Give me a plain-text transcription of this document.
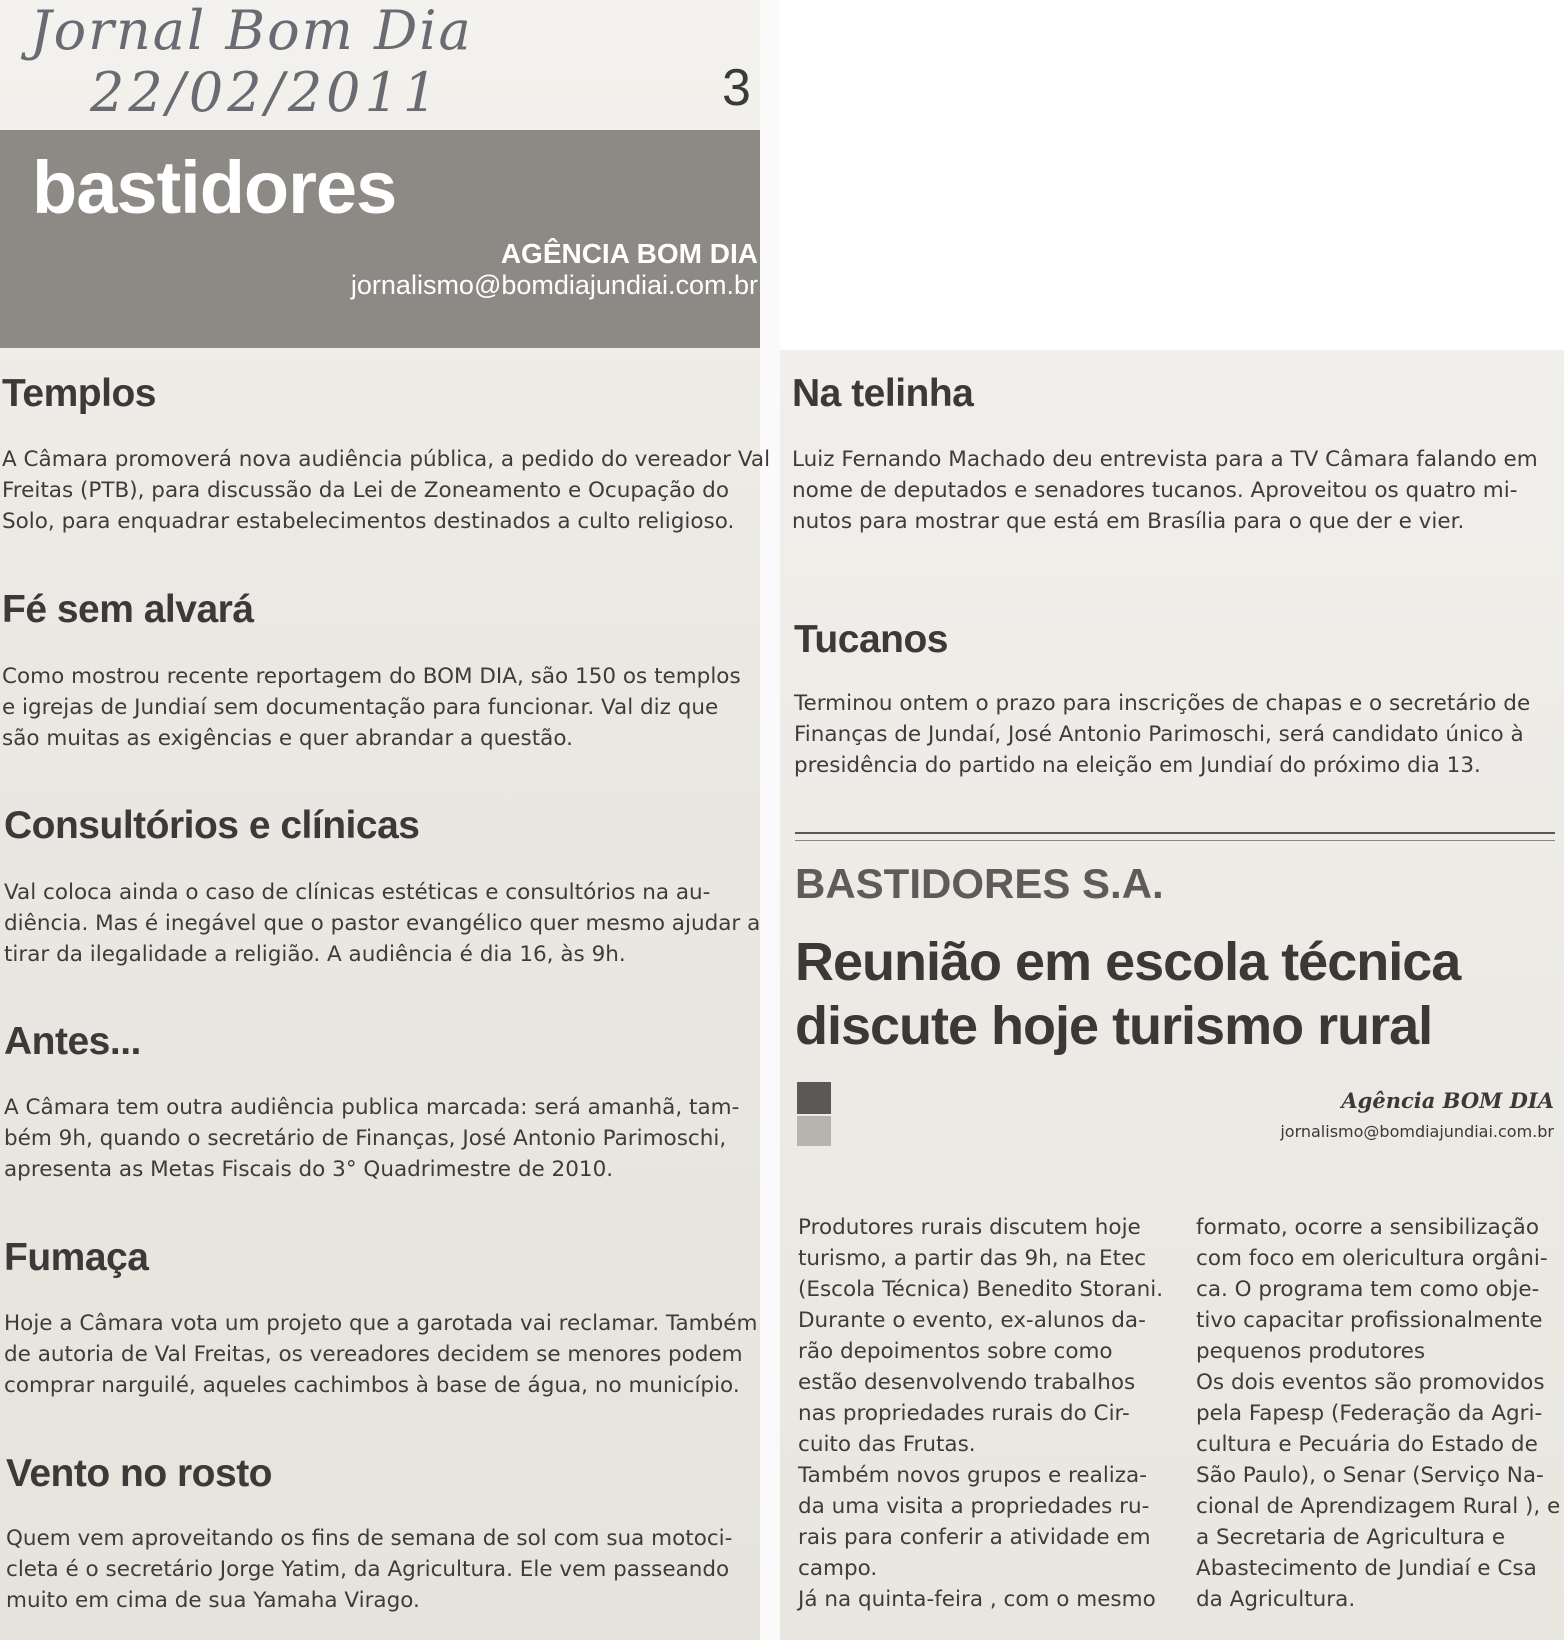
Jornal Bom Dia
22/02/2011	3
bastidores
AGÊNCIA BOM DIA
jornalismo@bomdiajundiai.com.br
Templos

A Câmara promoverá nova audiência pública, a pedido do vereador Val
Freitas (PTB), para discussão da Lei de Zoneamento e Ocupação do
Solo, para enquadrar estabelecimentos destinados a culto religioso.

Fé sem alvará

Como mostrou recente reportagem do BOM DIA, são 150 os templos
e igrejas de Jundiaí sem documentação para funcionar. Val diz que
são muitas as exigências e quer abrandar a questão.

Consultórios e clínicas

Val coloca ainda o caso de clínicas estéticas e consultórios na au-
diência. Mas é inegável que o pastor evangélico quer mesmo ajudar a
tirar da ilegalidade a religião. A audiência é dia 16, às 9h.

Antes...

A Câmara tem outra audiência publica marcada: será amanhã, tam-
bém 9h, quando o secretário de Finanças, José Antonio Parimoschi,
apresenta as Metas Fiscais do 3° Quadrimestre de 2010.

Fumaça

Hoje a Câmara vota um projeto que a garotada vai reclamar. Também
de autoria de Val Freitas, os vereadores decidem se menores podem
comprar narguilé, aqueles cachimbos à base de água, no município.

Vento no rosto

Quem vem aproveitando os fins de semana de sol com sua motoci-
cleta é o secretário Jorge Yatim, da Agricultura. Ele vem passeando
muito em cima de sua Yamaha Virago.

Na telinha

Luiz Fernando Machado deu entrevista para a TV Câmara falando em
nome de deputados e senadores tucanos. Aproveitou os quatro mi-
nutos para mostrar que está em Brasília para o que der e vier.

Tucanos

Terminou ontem o prazo para inscrições de chapas e o secretário de
Finanças de Jundaí, José Antonio Parimoschi, será candidato único à
presidência do partido na eleição em Jundiaí do próximo dia 13.

BASTIDORES S.A.
Reunião em escola técnica
discute hoje turismo rural
Agência BOM DIA
jornalismo@bomdiajundiai.com.br

Produtores rurais discutem hoje
turismo, a partir das 9h, na Etec
(Escola Técnica) Benedito Storani.
Durante o evento, ex-alunos da-
rão depoimentos sobre como
estão desenvolvendo trabalhos
nas propriedades rurais do Cir-
cuito das Frutas.
Também novos grupos e realiza-
da uma visita a propriedades ru-
rais para conferir a atividade em
campo.
Já na quinta-feira , com o mesmo

formato, ocorre a sensibilização
com foco em olericultura orgâni-
ca. O programa tem como obje-
tivo capacitar profissionalmente
pequenos produtores
Os dois eventos são promovidos
pela Fapesp (Federação da Agri-
cultura e Pecuária do Estado de
São Paulo), o Senar (Serviço Na-
cional de Aprendizagem Rural ), e
a Secretaria de Agricultura e
Abastecimento de Jundiaí e Csa
da Agricultura.
